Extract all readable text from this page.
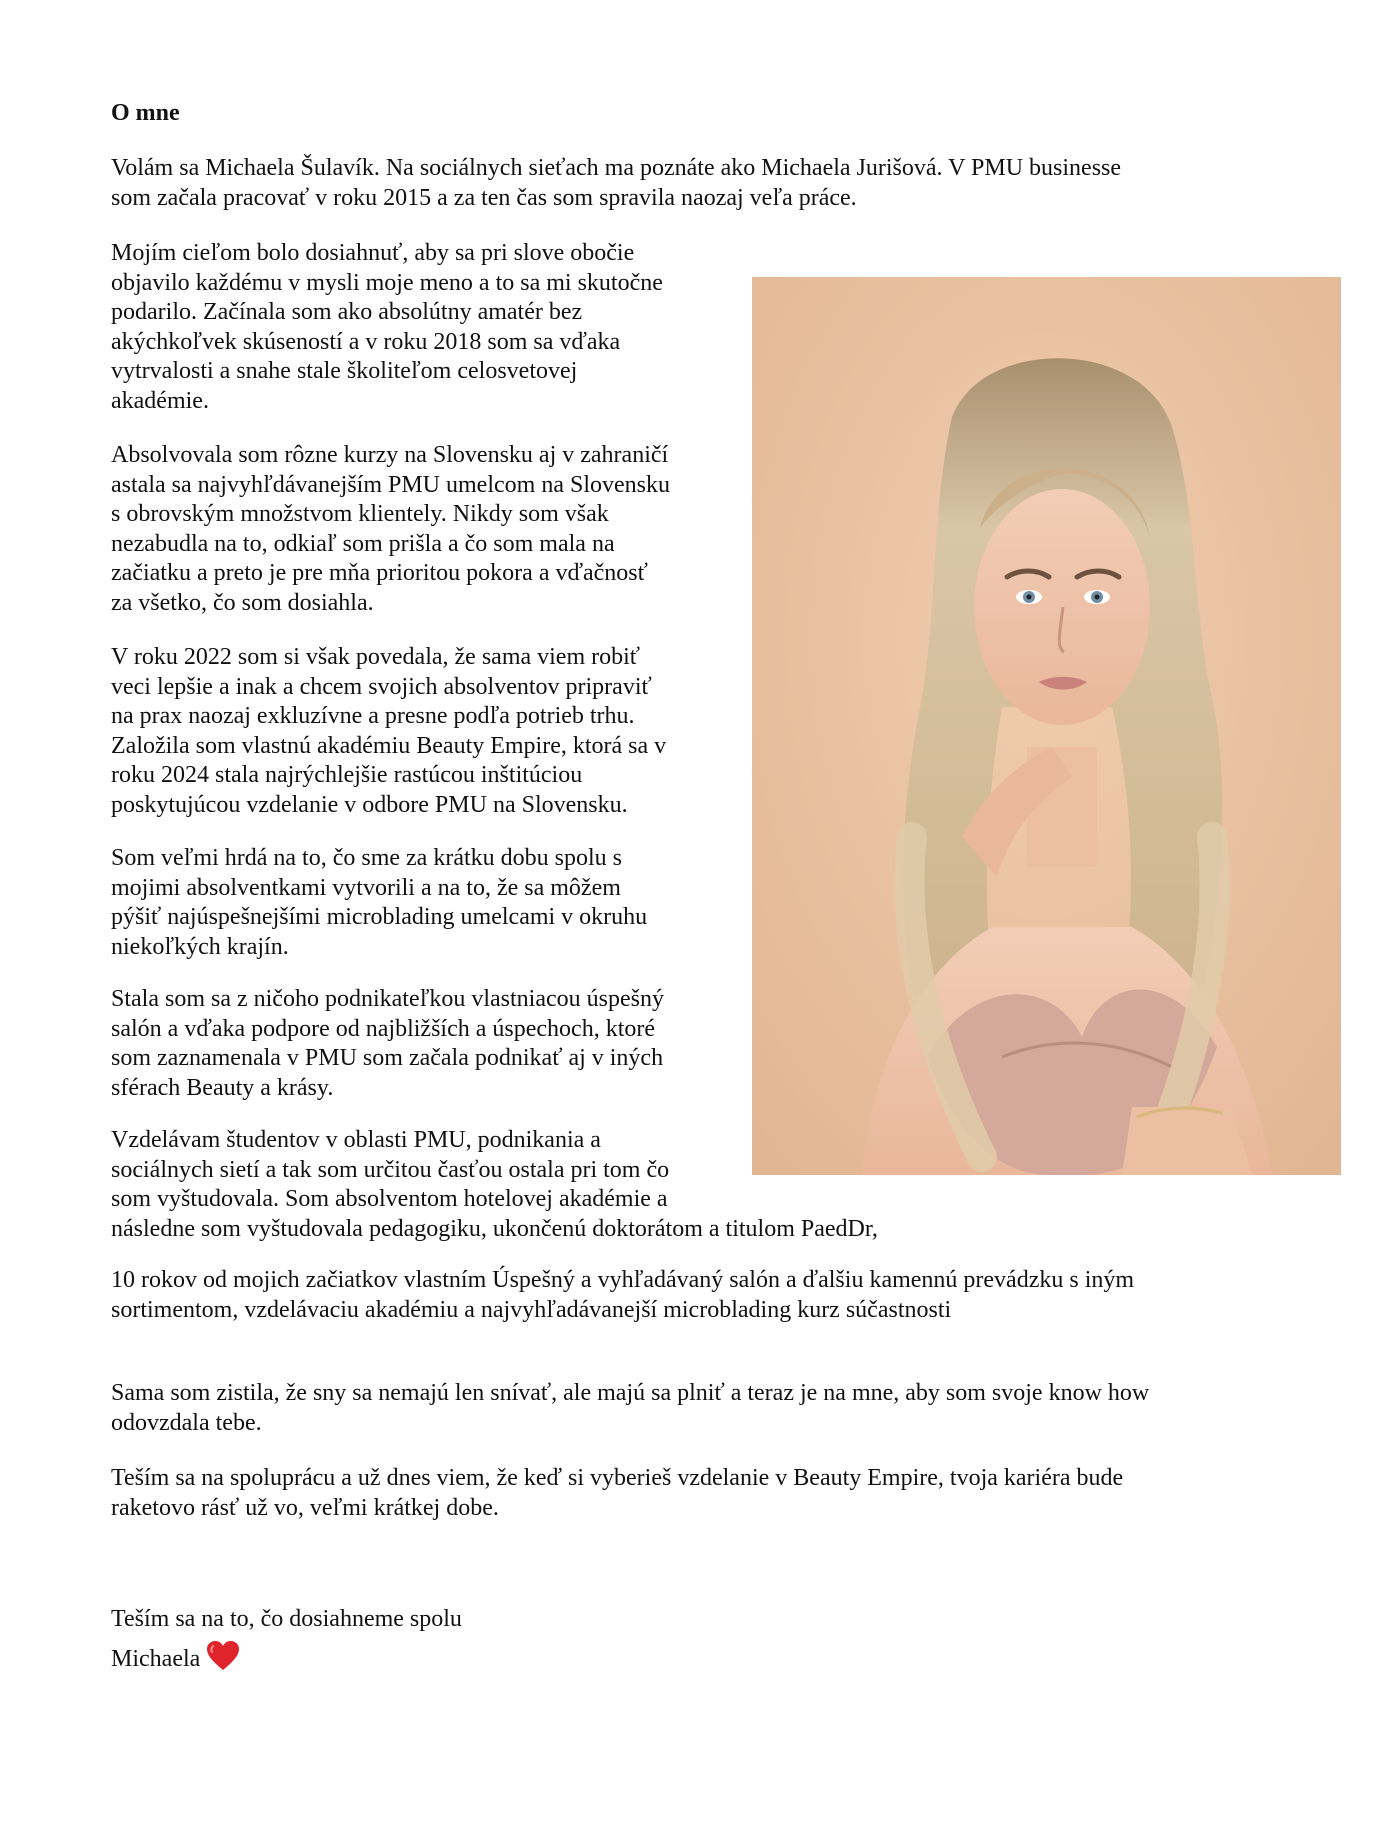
O mne

Volám sa Michaela Šulavík. Na sociálnych sieťach ma poznáte ako Michaela Jurišová. V PMU businesse
som začala pracovať v roku 2015 a za ten čas som spravila naozaj veľa práce.

Mojím cieľom bolo dosiahnuť, aby sa pri slove obočie
objavilo každému v mysli moje meno a to sa mi skutočne
podarilo. Začínala som ako absolútny amatér bez
akýchkoľvek skúseností a v roku 2018 som sa vďaka
vytrvalosti a snahe stale školiteľom celosvetovej
akadémie.

Absolvovala som rôzne kurzy na Slovensku aj v zahraničí
astala sa najvyhľdávanejším PMU umelcom na Slovensku
s obrovským množstvom klientely. Nikdy som však
nezabudla na to, odkiaľ som prišla a čo som mala na
začiatku a preto je pre mňa prioritou pokora a vďačnosť
za všetko, čo som dosiahla.

V roku 2022 som si však povedala, že sama viem robiť
veci lepšie a inak a chcem svojich absolventov pripraviť
na prax naozaj exkluzívne a presne podľa potrieb trhu.
Založila som vlastnú akadémiu Beauty Empire, ktorá sa v
roku 2024 stala najrýchlejšie rastúcou inštitúciou
poskytujúcou vzdelanie v odbore PMU na Slovensku.

Som veľmi hrdá na to, čo sme za krátku dobu spolu s
mojimi absolventkami vytvorili a na to, že sa môžem
pýšiť najúspešnejšími microblading umelcami v okruhu
niekoľkých krajín.

Stala som sa z ničoho podnikateľkou vlastniacou úspešný
salón a vďaka podpore od najbližších a úspechoch, ktoré
som zaznamenala v PMU som začala podnikať aj v iných
sférach Beauty a krásy.

Vzdelávam študentov v oblasti PMU, podnikania a
sociálnych sietí a tak som určitou časťou ostala pri tom čo
som vyštudovala. Som absolventom hotelovej akadémie a
následne som vyštudovala pedagogiku, ukončenú doktorátom a titulom PaedDr,

10 rokov od mojich začiatkov vlastním Úspešný a vyhľadávaný salón a ďalšiu kamennú prevádzku s iným
sortimentom, vzdelávaciu akadémiu a najvyhľadávanejší microblading kurz súčastnosti

Sama som zistila, že sny sa nemajú len snívať, ale majú sa plniť a teraz je na mne, aby som svoje know how
odovzdala tebe.

Teším sa na spoluprácu a už dnes viem, že keď si vyberieš vzdelanie v Beauty Empire, tvoja kariéra bude
raketovo rásť už vo, veľmi krátkej dobe.

Teším sa na to, čo dosiahneme spolu

Michaela
